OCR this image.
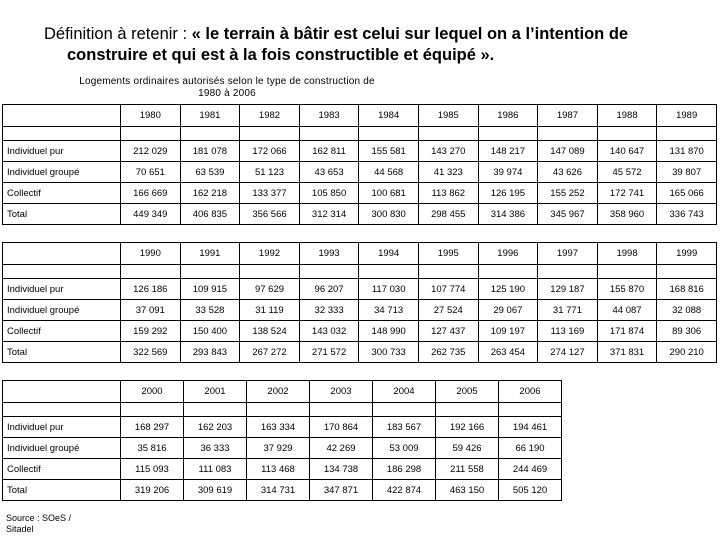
Définition à retenir : « le terrain à bâtir est celui sur lequel on a l’intention de
construire et qui est à la fois constructible et équipé ».
Logements ordinaires autorisés selon le type de construction de
1980 à 2006
	1980	1981	1982	1983	1984	1985	1986	1987	1988	1989

Individuel pur	212 029	181 078	172 066	162 811	155 581	143 270	148 217	147 089	140 647	131 870
Individuel groupé	70 651	63 539	51 123	43 653	44 568	41 323	39 974	43 626	45 572	39 807
Collectif	166 669	162 218	133 377	105 850	100 681	113 862	126 195	155 252	172 741	165 066
Total	449 349	406 835	356 566	312 314	300 830	298 455	314 386	345 967	358 960	336 743
	1990	1991	1992	1993	1994	1995	1996	1997	1998	1999

Individuel pur	126 186	109 915	97 629	96 207	117 030	107 774	125 190	129 187	155 870	168 816
Individuel groupé	37 091	33 528	31 119	32 333	34 713	27 524	29 067	31 771	44 087	32 088
Collectif	159 292	150 400	138 524	143 032	148 990	127 437	109 197	113 169	171 874	89 306
Total	322 569	293 843	267 272	271 572	300 733	262 735	263 454	274 127	371 831	290 210
	2000	2001	2002	2003	2004	2005	2006

Individuel pur	168 297	162 203	163 334	170 864	183 567	192 166	194 461
Individuel groupé	35 816	36 333	37 929	42 269	53 009	59 426	66 190
Collectif	115 093	111 083	113 468	134 738	186 298	211 558	244 469
Total	319 206	309 619	314 731	347 871	422 874	463 150	505 120
Source : SOeS /
Sitadel
